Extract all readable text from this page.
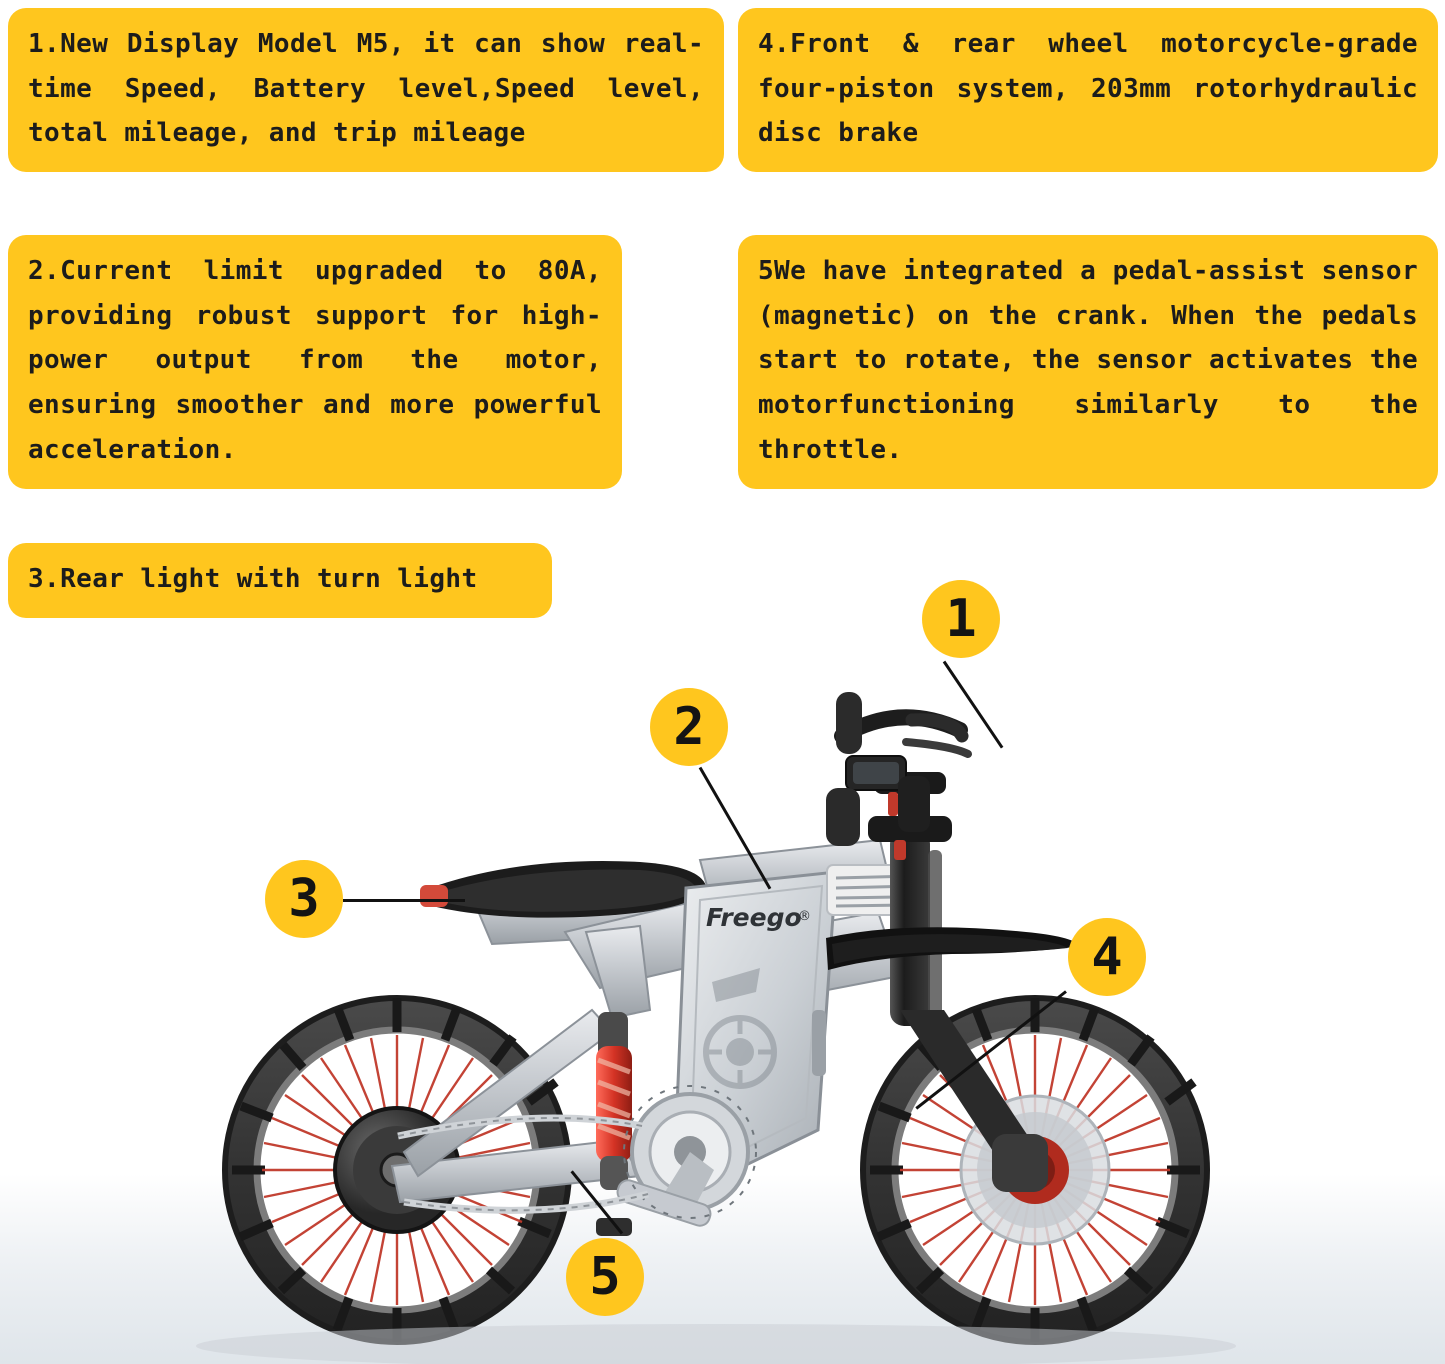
1.New Display Model M5, it can show real-time Speed, Battery level,Speed level, total mileage, and trip mileage
2.Current limit upgraded to 80A, providing robust support for high-power output from the motor, ensuring smoother and more powerful acceleration.
3.Rear light with turn light
4.Front & rear wheel motorcycle-grade four-piston system, 203mm rotorhydraulic disc brake
5We have integrated a pedal-assist sensor (magnetic) on the crank. When the pedals start to rotate, the sensor activates the motorfunctioning similarly to the throttle.
Freego
®
1
2
3
4
5
